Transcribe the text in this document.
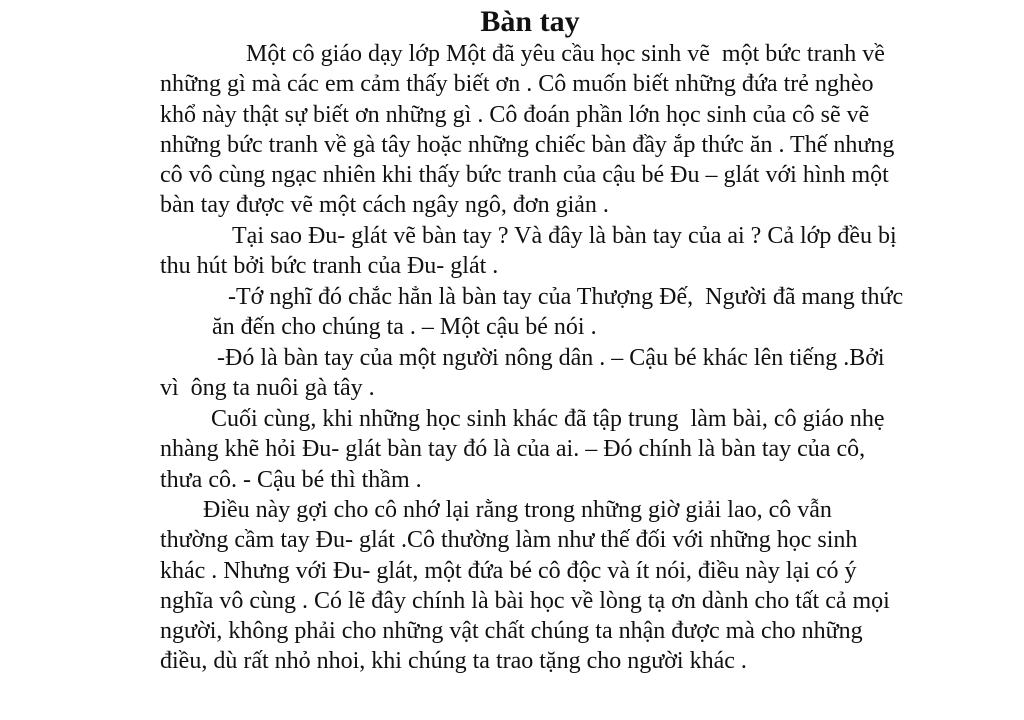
Bàn tay

Một cô giáo dạy lớp Một đã yêu cầu học sinh vẽ  một bức tranh về
những gì mà các em cảm thấy biết ơn . Cô muốn biết những đứa trẻ nghèo
khổ này thật sự biết ơn những gì . Cô đoán phần lớn học sinh của cô sẽ vẽ
những bức tranh về gà tây hoặc những chiếc bàn đầy ắp thức ăn . Thế nhưng
cô vô cùng ngạc nhiên khi thấy bức tranh của cậu bé Đu – glát với hình một
bàn tay được vẽ một cách ngây ngô, đơn giản .

Tại sao Đu- glát vẽ bàn tay ? Và đây là bàn tay của ai ? Cả lớp đều bị
thu hút bởi bức tranh của Đu- glát .

-Tớ nghĩ đó chắc hẳn là bàn tay của Thượng Đế,  Người đã mang thức
ăn đến cho chúng ta . – Một cậu bé nói .

-Đó là bàn tay của một người nông dân . – Cậu bé khác lên tiếng .Bởi
vì  ông ta nuôi gà tây .

Cuối cùng, khi những học sinh khác đã tập trung  làm bài, cô giáo nhẹ
nhàng khẽ hỏi Đu- glát bàn tay đó là của ai. – Đó chính là bàn tay của cô,
thưa cô. - Cậu bé thì thầm .

Điều này gợi cho cô nhớ lại rằng trong những giờ giải lao, cô vẫn
thường cầm tay Đu- glát .Cô thường làm như thế đối với những học sinh
khác . Nhưng với Đu- glát, một đứa bé cô độc và ít nói, điều này lại có ý
nghĩa vô cùng . Có lẽ đây chính là bài học về lòng tạ ơn dành cho tất cả mọi
người, không phải cho những vật chất chúng ta nhận được mà cho những
điều, dù rất nhỏ nhoi, khi chúng ta trao tặng cho người khác .
